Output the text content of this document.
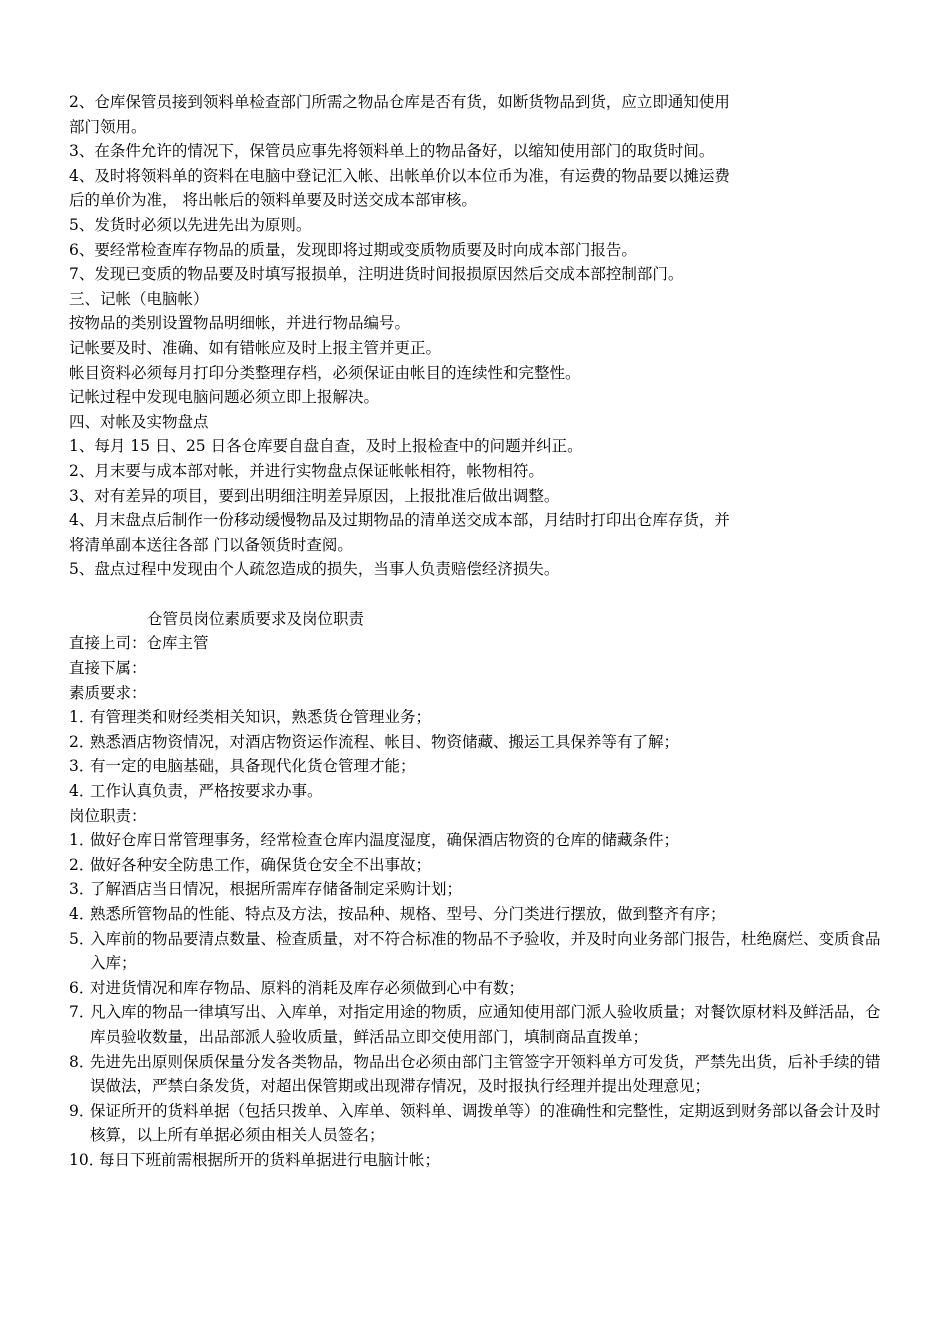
2、仓库保管员接到领料单检查部门所需之物品仓库是否有货，如断货物品到货，应立即通知使用
部门领用。
3、在条件允许的情况下，保管员应事先将领料单上的物品备好，以缩知使用部门的取货时间。
4、及时将领料单的资料在电脑中登记汇入帐、出帐单价以本位币为准，有运费的物品要以摊运费
后的单价为准， 将出帐后的领料单要及时送交成本部审核。
5、发货时必须以先进先出为原则。
6、要经常检查库存物品的质量，发现即将过期或变质物质要及时向成本部门报告。
7、发现已变质的物品要及时填写报损单，注明进货时间报损原因然后交成本部控制部门。
三、记帐（电脑帐）
按物品的类别设置物品明细帐，并进行物品编号。
记帐要及时、准确、如有错帐应及时上报主管并更正。
帐目资料必须每月打印分类整理存档，必须保证由帐目的连续性和完整性。
记帐过程中发现电脑问题必须立即上报解决。
四、对帐及实物盘点
1、每月 15 日、25 日各仓库要自盘自查，及时上报检查中的问题并纠正。
2、月末要与成本部对帐，并进行实物盘点保证帐帐相符，帐物相符。
3、对有差异的项目，要到出明细注明差异原因，上报批准后做出调整。
4、月末盘点后制作一份移动缓慢物品及过期物品的清单送交成本部，月结时打印出仓库存货，并
将清单副本送往各部 门以备领货时查阅。
5、盘点过程中发现由个人疏忽造成的损失，当事人负责赔偿经济损失。
仓管员岗位素质要求及岗位职责
直接上司：仓库主管
直接下属：
素质要求：
1．
有管理类和财经类相关知识，熟悉货仓管理业务；
2．
熟悉酒店物资情况，对酒店物资运作流程、帐目、物资储藏、搬运工具保养等有了解；
3．
有一定的电脑基础，具备现代化货仓管理才能；
4．
工作认真负责，严格按要求办事。
岗位职责：
1．
做好仓库日常管理事务，经常检查仓库内温度湿度，确保酒店物资的仓库的储藏条件；
2．
做好各种安全防患工作，确保货仓安全不出事故；
3．
了解酒店当日情况，根据所需库存储备制定采购计划；
4．
熟悉所管物品的性能、特点及方法，按品种、规格、型号、分门类进行摆放，做到整齐有序；
5．
入库前的物品要清点数量、检查质量，对不符合标准的物品不予验收，并及时向业务部门报告，杜绝腐烂、变质食品入库；
6．
对进货情况和库存物品、原料的消耗及库存必须做到心中有数；
7．
凡入库的物品一律填写出、入库单，对指定用途的物质，应通知使用部门派人验收质量；对餐饮原材料及鲜活品，仓库员验收数量，出品部派人验收质量，鲜活品立即交使用部门，填制商品直拨单；
8．
先进先出原则保质保量分发各类物品，物品出仓必须由部门主管签字开领料单方可发货，严禁先出货，后补手续的错误做法，严禁白条发货，对超出保管期或出现滞存情况，及时报执行经理并提出处理意见；
9．
保证所开的货料单据（包括只拨单、入库单、领料单、调拨单等）的准确性和完整性，定期返到财务部以备会计及时核算，以上所有单据必须由相关人员签名；
10．
每日下班前需根据所开的货料单据进行电脑计帐；
